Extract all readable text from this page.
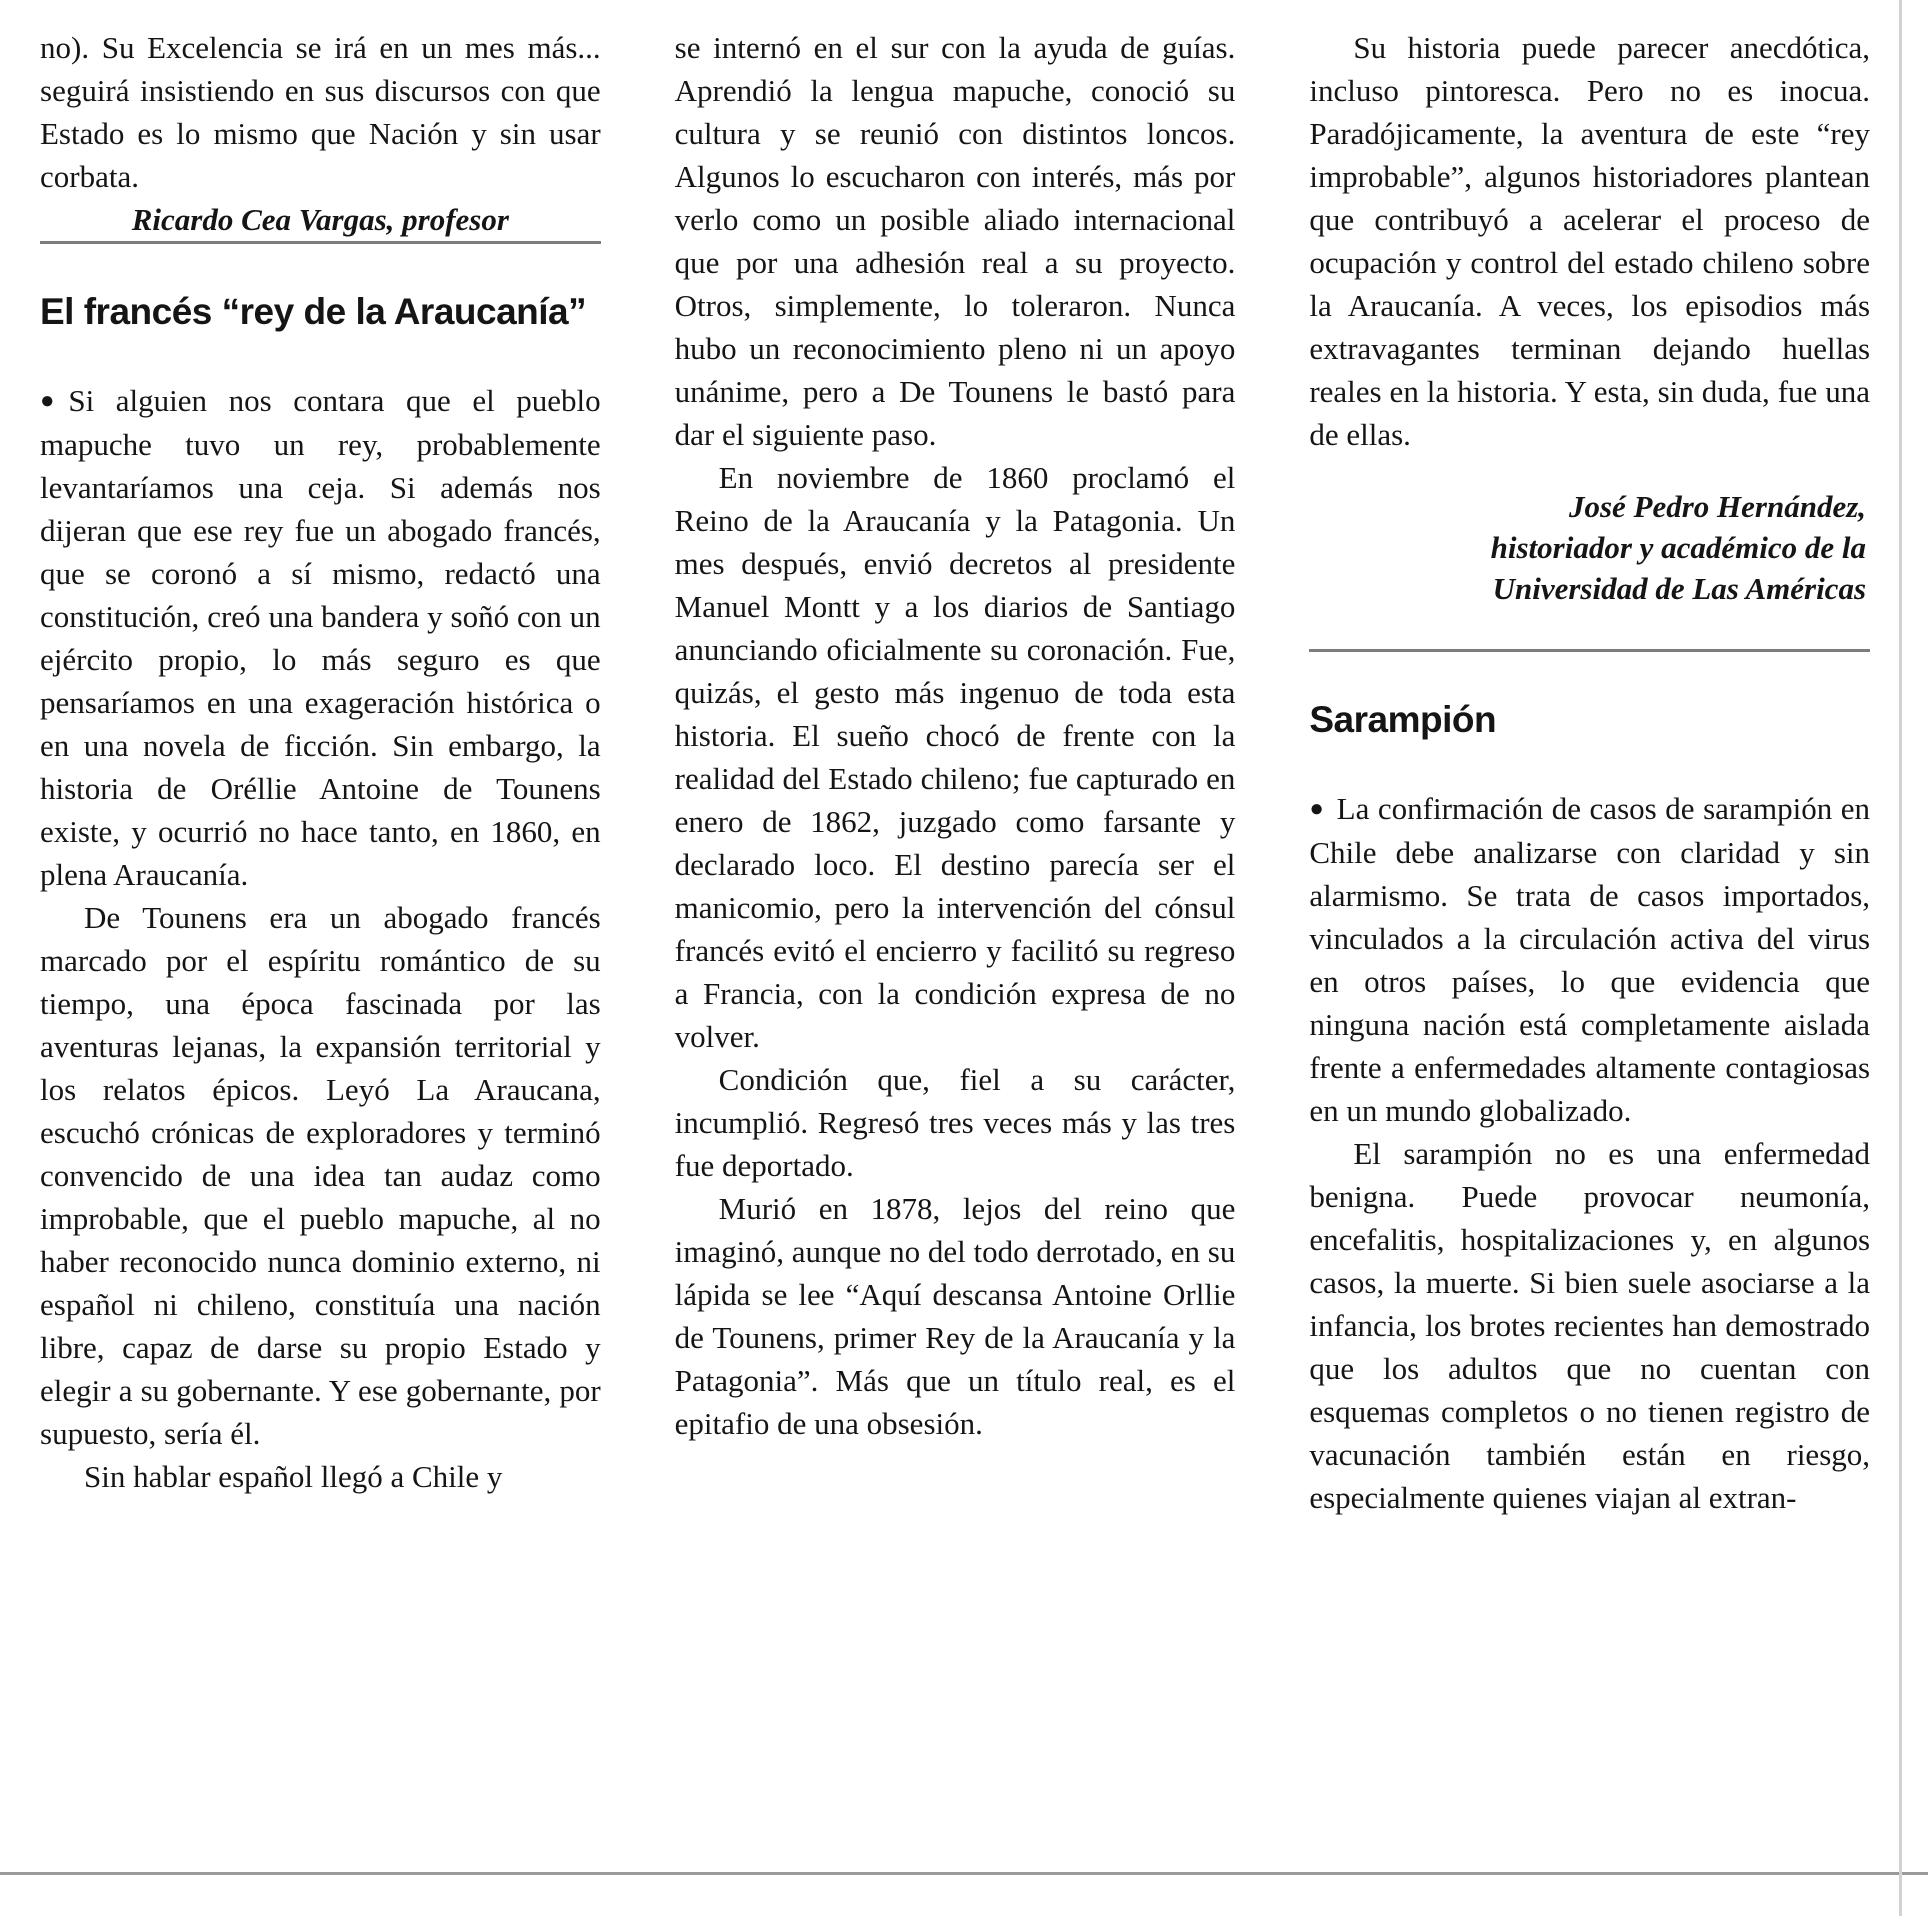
no). Su Excelencia se irá en un mes más... seguirá insistiendo en sus discursos con que Estado es lo mismo que Nación y sin usar corbata.

Ricardo Cea Vargas, profesor

El francés “rey de la Araucanía”

●Si alguien nos contara que el pueblo mapuche tuvo un rey, probablemente levantaríamos una ceja. Si además nos dijeran que ese rey fue un abogado francés, que se coronó a sí mismo, redactó una constitución, creó una bandera y soñó con un ejército propio, lo más seguro es que pensaríamos en una exageración histórica o en una novela de ficción. Sin embargo, la historia de Oréllie Antoine de Tounens existe, y ocurrió no hace tanto, en 1860, en plena Araucanía.

De Tounens era un abogado francés marcado por el espíritu romántico de su tiempo, una época fascinada por las aventuras lejanas, la expansión territorial y los relatos épicos. Leyó La Araucana, escuchó crónicas de exploradores y terminó convencido de una idea tan audaz como improbable, que el pueblo mapuche, al no haber reconocido nunca dominio externo, ni español ni chileno, constituía una nación libre, capaz de darse su propio Estado y elegir a su gobernante. Y ese gobernante, por supuesto, sería él.

Sin hablar español llegó a Chile y

se internó en el sur con la ayuda de guías. Aprendió la lengua mapuche, conoció su cultura y se reunió con distintos loncos. Algunos lo escucharon con interés, más por verlo como un posible aliado internacional que por una adhesión real a su proyecto. Otros, simplemente, lo toleraron. Nunca hubo un reconocimiento pleno ni un apoyo unánime, pero a De Tounens le bastó para dar el siguiente paso.

En noviembre de 1860 proclamó el Reino de la Araucanía y la Patagonia. Un mes después, envió decretos al presidente Manuel Montt y a los diarios de Santiago anunciando oficialmente su coronación. Fue, quizás, el gesto más ingenuo de toda esta historia. El sueño chocó de frente con la realidad del Estado chileno; fue capturado en enero de 1862, juzgado como farsante y declarado loco. El destino parecía ser el manicomio, pero la intervención del cónsul francés evitó el encierro y facilitó su regreso a Francia, con la condición expresa de no volver.

Condición que, fiel a su carácter, incumplió. Regresó tres veces más y las tres fue deportado.

Murió en 1878, lejos del reino que imaginó, aunque no del todo derrotado, en su lápida se lee “Aquí descansa Antoine Orllie de Tounens, primer Rey de la Araucanía y la Patagonia”. Más que un título real, es el epitafio de una obsesión.

Su historia puede parecer anecdótica, incluso pintoresca. Pero no es inocua. Paradójicamente, la aventura de este “rey improbable”, algunos historiadores plantean que contribuyó a acelerar el proceso de ocupación y control del estado chileno sobre la Araucanía. A veces, los episodios más extravagantes terminan dejando huellas reales en la historia. Y esta, sin duda, fue una de ellas.

José Pedro Hernández,
historiador y académico de la
Universidad de Las Américas
Sarampión

● La confirmación de casos de sarampión en Chile debe analizarse con claridad y sin alarmismo. Se trata de casos importados, vinculados a la circulación activa del virus en otros países, lo que evidencia que ninguna nación está completamente aislada frente a enfermedades altamente contagiosas en un mundo globalizado.

El sarampión no es una enfermedad benigna. Puede provocar neumonía, encefalitis, hospitalizaciones y, en algunos casos, la muerte. Si bien suele asociarse a la infancia, los brotes recientes han demostrado que los adultos que no cuentan con esquemas completos o no tienen registro de vacunación también están en riesgo, especialmente quienes viajan al extran-
